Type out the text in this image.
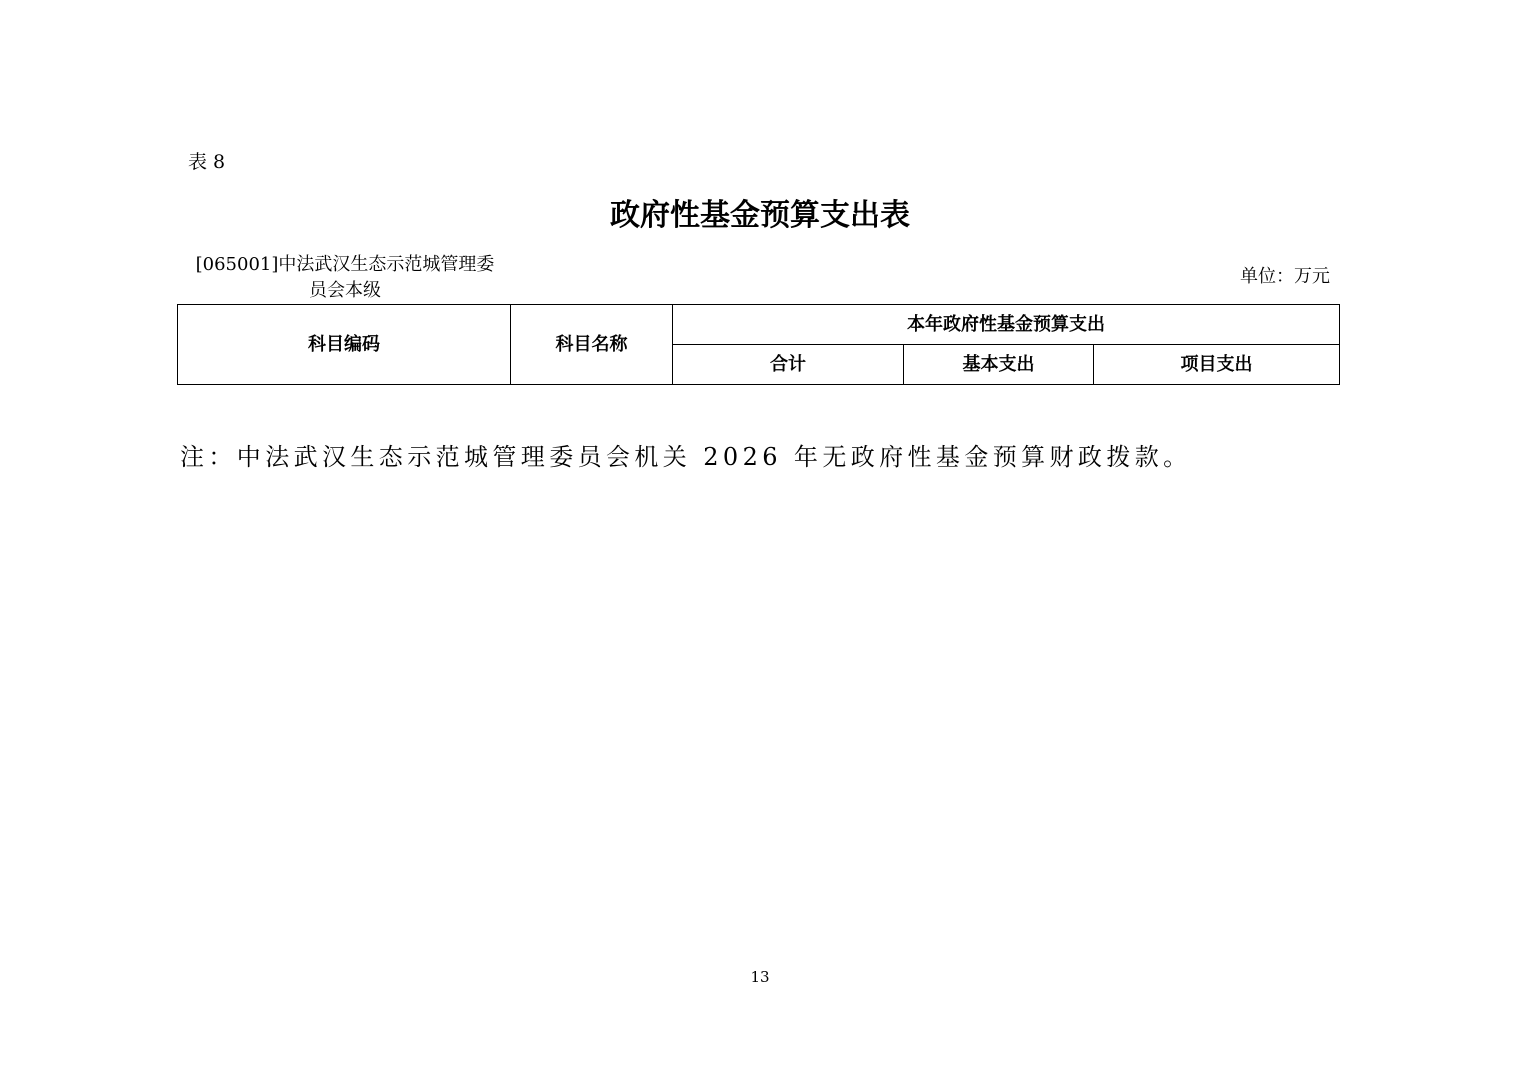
表 8
政府性基金预算支出表
[065001]中法武汉生态示范城管理委
员会本级
单位：万元
科目编码	科目名称	本年政府性基金预算支出		
		合计	基本支出	项目支出
注：中法武汉生态示范城管理委员会机关 2026 年无政府性基金预算财政拨款。
13
